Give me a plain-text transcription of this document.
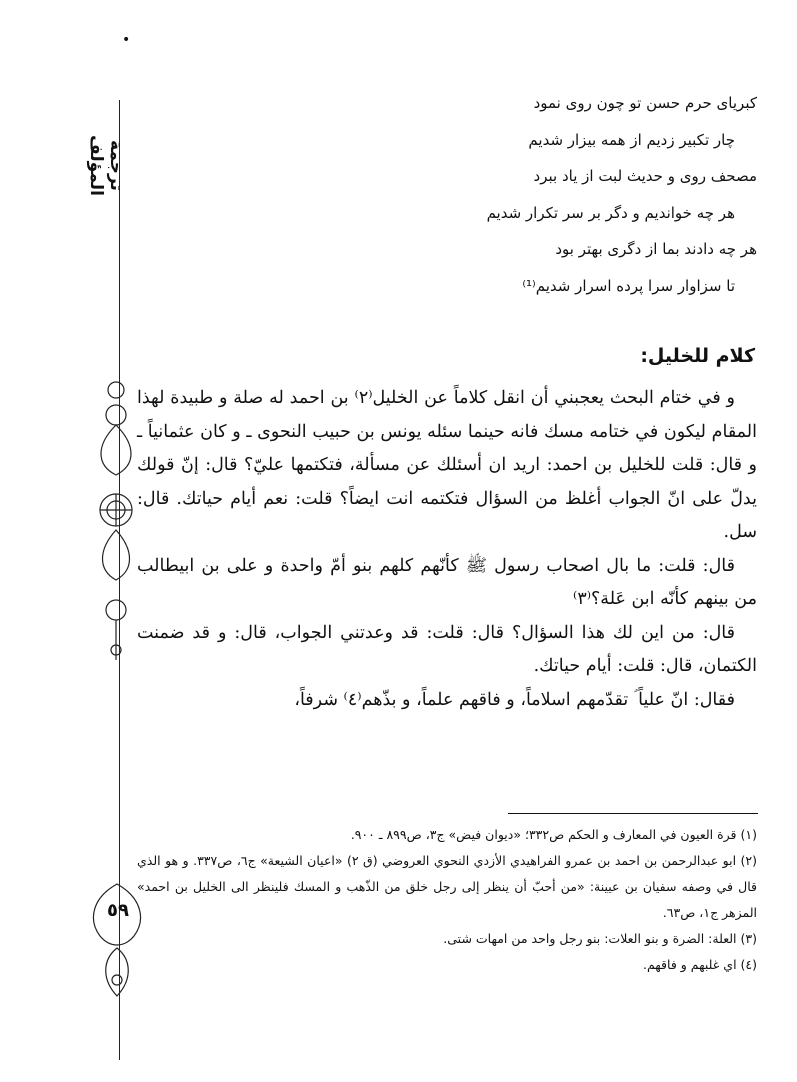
•
ترجمة المؤلف
٥٩
کبریای حرم حسن تو چون روی نمود
چار تکبیر زدیم از همه بیزار شدیم
مصحف روی و حدیث لبت از یاد ببرد
هر چه خواندیم و دگر بر سر تکرار شدیم
هر چه دادند بما از دگری بهتر بود
تا سزاوار سرا پرده اسرار شدیم⁽¹⁾
كلام للخليل:

و في ختام البحث يعجبني أن انقل كلاماً عن الخليل⁽٢⁾ بن احمد له صلة و طبيدة لهذا المقام ليكون في ختامه مسك فانه حينما سئله يونس بن حبيب النحوى ـ و كان عثمانياً ـ و قال: قلت للخليل بن احمد: اريد ان أسئلك عن مسألة، فتكتمها عليّ؟ قال: إنّ قولك يدلّ على انّ الجواب أغلظ من السؤال فتكتمه انت ايضاً؟ قلت: نعم أيام حياتك. قال: سل.

قال: قلت: ما بال اصحاب رسول ﷺ كأنّهم كلهم بنو أمّ واحدة و على بن ابيطالب من بينهم كأنّه ابن عَلة؟⁽٣⁾

قال: من اين لك هذا السؤال؟ قال: قلت: قد وعدتني الجواب، قال: و قد ضمنت الكتمان، قال: قلت: أيام حياتك.

فقال: انّ علياً ؑ تقدّمهم اسلاماً، و فاقهم علماً، و بذّهم⁽٤⁾ شرفاً،

(١) قرة العيون في المعارف و الحكم ص٣٣٢؛ «ديوان فيض» ج٣، ص٨٩٩ ـ ٩٠٠.

(٢) ابو عبدالرحمن بن احمد بن عمرو الفراهيدي الأزدي النحوي العروضي (ق ٢) «اعيان الشيعة» ج٦، ص٣٣٧. و هو الذي قال في وصفه سفيان بن عيينة: «من أحبّ أن ينظر إلى رجل خلق من الذّهب و المسك فلينظر الى الخليل بن احمد» المزهر ج١، ص٦٣.

(٣) العلة: الضرة و بنو العلات: بنو رجل واحد من امهات شتى.

(٤) اي غلبهم و فاقهم.
